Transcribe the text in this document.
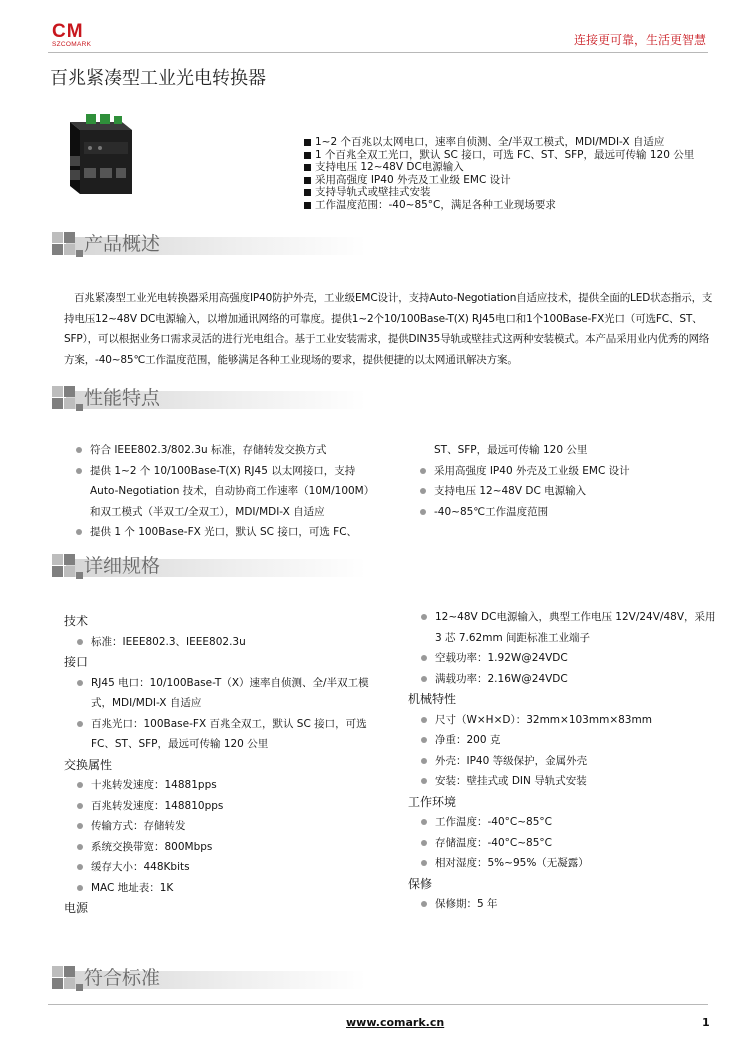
CM
SZCOMARK	连接更可靠，生活更智慧
百兆紧凑型工业光电转换器
1~2 个百兆以太网电口，速率自侦测、全/半双工模式，MDI/MDI-X 自适应
1 个百兆全双工光口，默认 SC 接口，可选 FC、ST、SFP，最远可传输 120 公里
支持电压 12~48V DC电源输入
采用高强度 IP40 外壳及工业级 EMC 设计
支持导轨式或壁挂式安装
工作温度范围：-40~85°C，满足各种工业现场要求
产品概述

百兆紧凑型工业光电转换器采用高强度IP40防护外壳，工业级EMC设计，支持Auto-Negotiation自适应技术，提供全面的LED状态指示，支持电压12~48V DC电源输入，以增加通讯网络的可靠度。提供1~2个10/100Base-T(X) RJ45电口和1个100Base-FX光口（可选FC、ST、SFP），可以根据业务口需求灵活的进行光电组合。基于工业安装需求，提供DIN35导轨或壁挂式这两种安装模式。本产品采用业内优秀的网络方案，-40~85℃工作温度范围，能够满足各种工业现场的要求，提供便捷的以太网通讯解决方案。

性能特点
符合 IEEE802.3/802.3u 标准，存储转发交换方式
提供 1~2 个 10/100Base-T(X) RJ45 以太网接口，支持 Auto-Negotiation 技术，自动协商工作速率（10M/100M）和双工模式（半双工/全双工），MDI/MDI-X 自适应
提供 1 个 100Base-FX 光口，默认 SC 接口，可选 FC、
ST、SFP，最远可传输 120 公里
采用高强度 IP40 外壳及工业级 EMC 设计
支持电压 12~48V DC 电源输入
-40~85℃工作温度范围
详细规格
技术
标准：IEEE802.3、IEEE802.3u
接口
RJ45 电口：10/100Base-T（X）速率自侦测、全/半双工模式，MDI/MDI-X 自适应
百兆光口：100Base-FX 百兆全双工，默认 SC 接口，可选 FC、ST、SFP，最远可传输 120 公里
交换属性
十兆转发速度：14881pps
百兆转发速度：148810pps
传输方式：存储转发
系统交换带宽：800Mbps
缓存大小：448Kbits
MAC 地址表：1K
电源
12~48V DC电源输入，典型工作电压 12V/24V/48V，采用 3 芯 7.62mm 间距标准工业端子
空载功率：1.92W@24VDC
满载功率：2.16W@24VDC
机械特性
尺寸（W×H×D）：32mm×103mm×83mm
净重：200 克
外壳：IP40 等级保护，金属外壳
安装：壁挂式或 DIN 导轨式安装
工作环境
工作温度：-40°C~85°C
存储温度：-40°C~85°C
相对湿度：5%~95%（无凝露）
保修
保修期：5 年
符合标准
www.comark.cn	1
